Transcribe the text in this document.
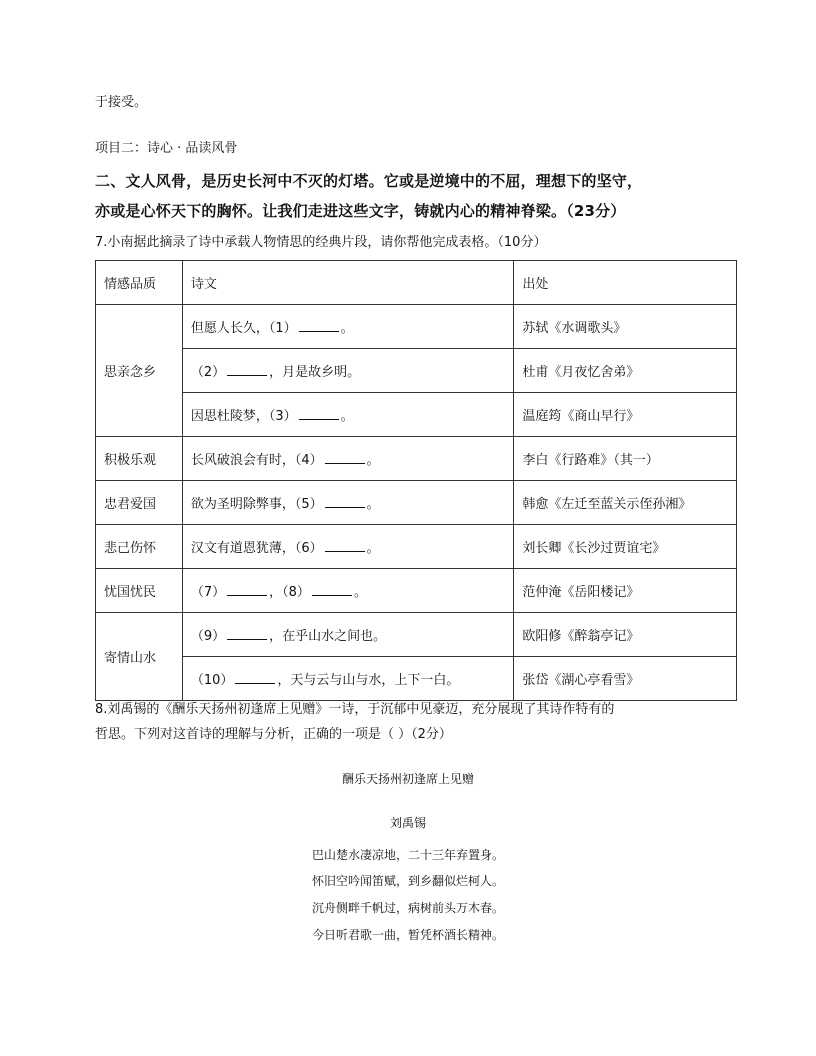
于接受。
项目二：诗心 · 品读风骨
二、文人风骨，是历史长河中不灭的灯塔。它或是逆境中的不屈，理想下的坚守，
亦或是心怀天下的胸怀。让我们走进这些文字，铸就内心的精神脊梁。（23分）
7.小南据此摘录了诗中承载人物情思的经典片段，请你帮他完成表格。（10分）
情感品质	诗文	出处
思亲念乡	但愿人长久，（1） 。	苏轼《水调歌头》
	（2） ，月是故乡明。	杜甫《月夜忆舍弟》
	因思杜陵梦，（3） 。	温庭筠《商山早行》
积极乐观	长风破浪会有时，（4） 。	李白《行路难》（其一）
忠君爱国	欲为圣明除弊事，（5） 。	韩愈《左迁至蓝关示侄孙湘》
悲己伤怀	汉文有道恩犹薄，（6） 。	刘长卿《长沙过贾谊宅》
忧国忧民	（7） ，（8） 。	范仲淹《岳阳楼记》
寄情山水	（9） ，在乎山水之间也。	欧阳修《醉翁亭记》
	（10） ，天与云与山与水，上下一白。	张岱《湖心亭看雪》
8.刘禹锡的《酬乐天扬州初逢席上见赠》一诗，于沉郁中见豪迈，充分展现了其诗作特有的
哲思。下列对这首诗的理解与分析，正确的一项是（ ）（2分）
酬乐天扬州初逢席上见赠
刘禹锡
巴山楚水凄凉地，二十三年弃置身。
怀旧空吟闻笛赋，到乡翻似烂柯人。
沉舟侧畔千帆过，病树前头万木春。
今日听君歌一曲，暂凭杯酒长精神。
